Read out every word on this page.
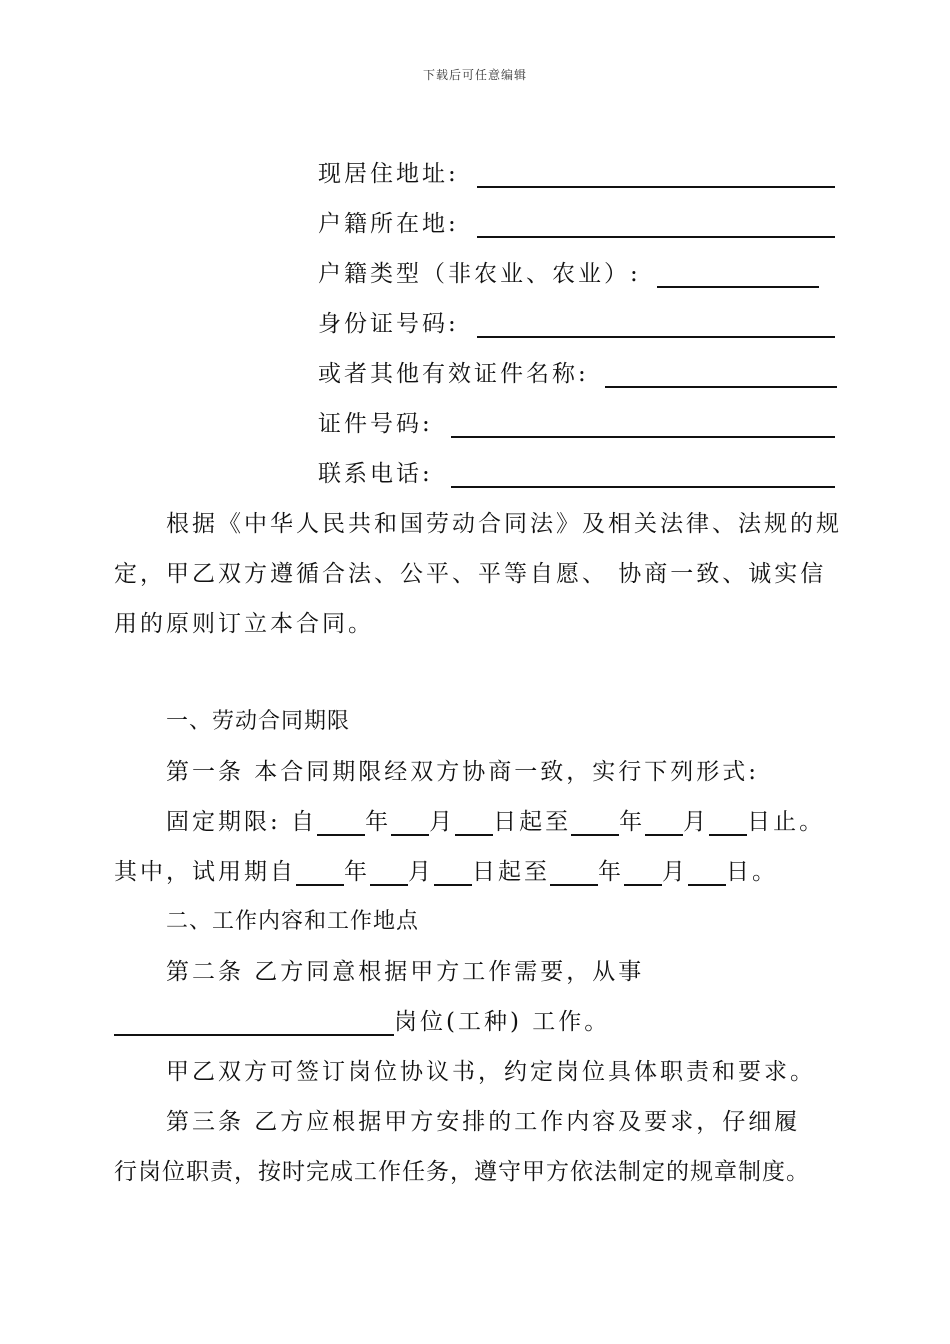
下载后可任意编辑
现居住地址:
户籍所在地:
户籍类型（非农业、农业）:
身份证号码:
或者其他有效证件名称:
证件号码:
联系电话:
根据《中华人民共和国劳动合同法》及相关法律、法规的规
定，甲乙双方遵循合法、公平、平等自愿、 协商一致、诚实信
用的原则订立本合同。
一、劳动合同期限
第一条 本合同期限经双方协商一致，实行下列形式:
固定期限: 自 年 月 日起至 年 月 日止。
其中，试用期自 年 月 日起至 年 月 日。
二、工作内容和工作地点
第二条 乙方同意根据甲方工作需要，从事
岗位(工种) 工作。
甲乙双方可签订岗位协议书，约定岗位具体职责和要求。
第三条 乙方应根据甲方安排的工作内容及要求，仔细履
行岗位职责，按时完成工作任务，遵守甲方依法制定的规章制度。
